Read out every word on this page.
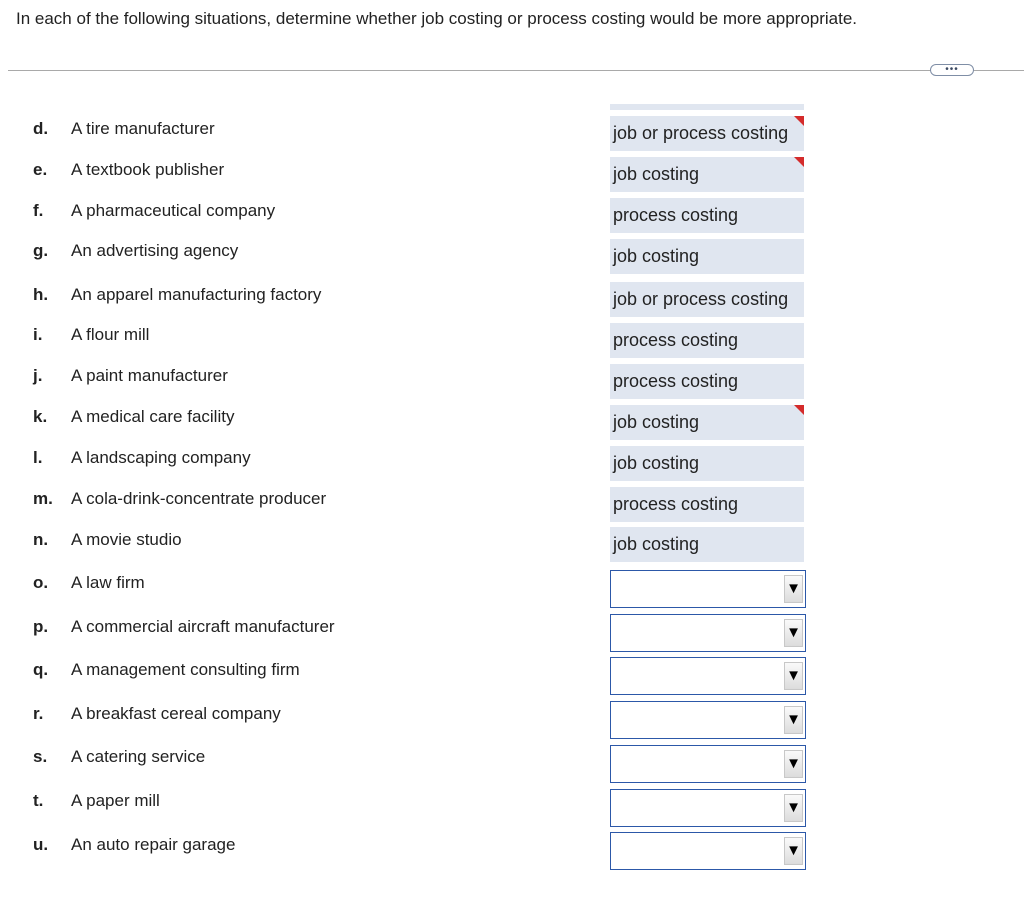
In each of the following situations, determine whether job costing or process costing would be more appropriate.
•••
d. A tire manufacturer	job or process costing
e. A textbook publisher	job costing
f. A pharmaceutical company	process costing
g. An advertising agency	job costing
h. An apparel manufacturing factory	job or process costing
i. A flour mill	process costing
j. A paint manufacturer	process costing
k. A medical care facility	job costing
l. A landscaping company	job costing
m. A cola-drink-concentrate producer	process costing
n. A movie studio	job costing
o. A law firm	▼
p. A commercial aircraft manufacturer	▼
q. A management consulting firm	▼
r. A breakfast cereal company	▼
s. A catering service	▼
t. A paper mill	▼
u. An auto repair garage	▼
